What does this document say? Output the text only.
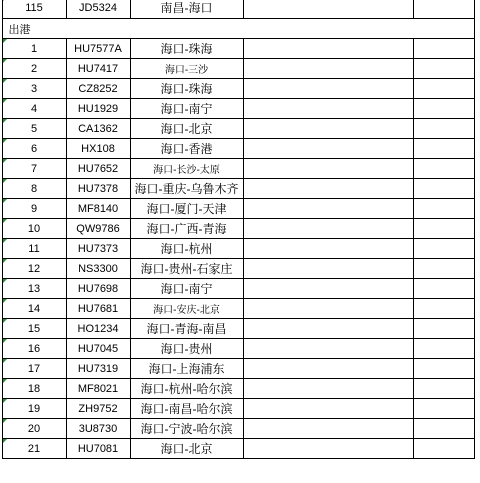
	115	JD5324	南昌-海口		
	出港				
	1	HU7577A	海口-珠海		
	2	HU7417	海口-三沙		
	3	CZ8252	海口-珠海		
	4	HU1929	海口-南宁		
	5	CA1362	海口-北京		
	6	HX108	海口-香港		
	7	HU7652	海口-长沙-太原		
	8	HU7378	海口-重庆-乌鲁木齐		
	9	MF8140	海口-厦门-天津		
	10	QW9786	海口-广西-青海		
	11	HU7373	海口-杭州		
	12	NS3300	海口-贵州-石家庄		
	13	HU7698	海口-南宁		
	14	HU7681	海口-安庆-北京		
	15	HO1234	海口-青海-南昌		
	16	HU7045	海口-贵州		
	17	HU7319	海口-上海浦东		
	18	MF8021	海口-杭州-哈尔滨		
	19	ZH9752	海口-南昌-哈尔滨		
	20	3U8730	海口-宁波-哈尔滨		
	21	HU7081	海口-北京		
